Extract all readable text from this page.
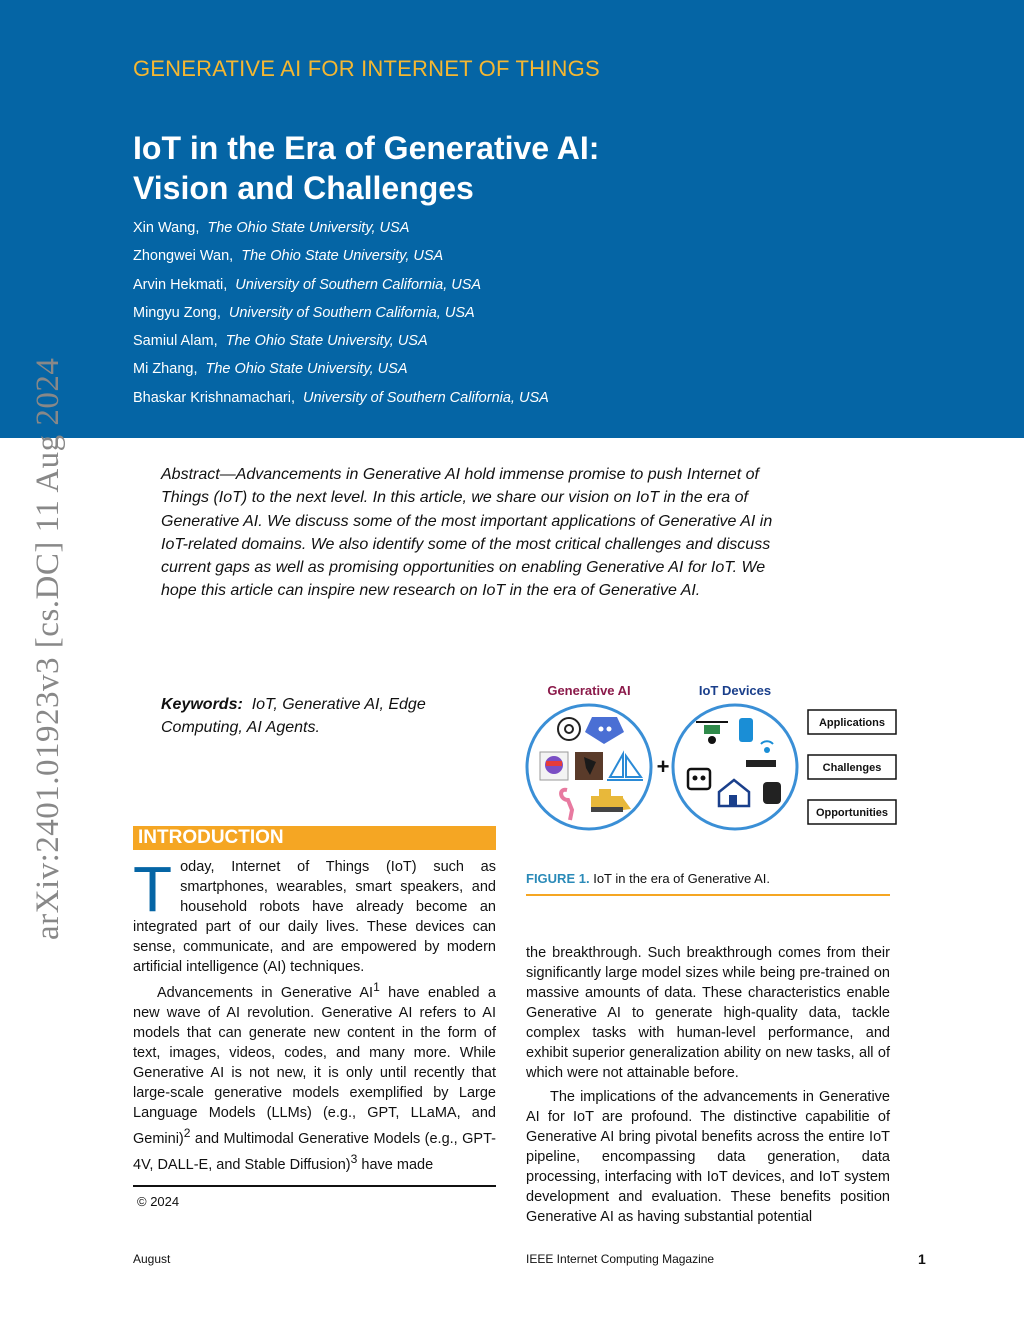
GENERATIVE AI FOR INTERNET OF THINGS
IoT in the Era of Generative AI:
Vision and Challenges
Xin Wang, The Ohio State University, USA
Zhongwei Wan, The Ohio State University, USA
Arvin Hekmati, University of Southern California, USA
Mingyu Zong, University of Southern California, USA
Samiul Alam, The Ohio State University, USA
Mi Zhang, The Ohio State University, USA
Bhaskar Krishnamachari, University of Southern California, USA
arXiv:2401.01923v3 [cs.DC] 11 Aug 2024	Abstract—Advancements in Generative AI hold immense promise to push Internet of Things (IoT) to the next level. In this article, we share our vision on IoT in the era of Generative AI. We discuss some of the most important applications of Generative AI in IoT-related domains. We also identify some of the most critical challenges and discuss current gaps as well as promising opportunities on enabling Generative AI for IoT. We hope this article can inspire new research on IoT in the era of Generative AI.
Keywords: IoT, Generative AI, Edge Computing, AI Agents.
INTRODUCTION

Today, Internet of Things (IoT) such as smartphones, wearables, smart speakers, and household robots have already become an integrated part of our daily lives. These devices can sense, communicate, and are empowered by modern artificial intelligence (AI) techniques.

Advancements in Generative $AI^1$ have enabled a new wave of AI revolution. Generative AI refers to AI models that can generate new content in the form of text, images, videos, codes, and many more. While Generative AI is not new, it is only until recently that large-scale generative models exemplified by Large Language Models (LLMs) (e.g., GPT, LLaMA, and Gemini)$^2$ and Multimodal Generative Models (e.g., GPT-4V, DALL-E, and Stable Diffusion)$^3$ have made

© 2024
Generative AI	IoT Devices
+
Applications
Challenges
Opportunities
FIGURE 1. IoT in the era of Generative AI.

the breakthrough. Such breakthrough comes from their significantly large model sizes while being pre-trained on massive amounts of data. These characteristics enable Generative AI to generate high-quality data, tackle complex tasks with human-level performance, and exhibit superior generalization ability on new tasks, all of which were not attainable before.

The implications of the advancements in Generative AI for IoT are profound. The distinctive capabilitie of Generative AI bring pivotal benefits across the entire IoT pipeline, encompassing data generation, data processing, interfacing with IoT devices, and IoT system development and evaluation. These benefits position Generative AI as having substantial potential

August	IEEE Internet Computing Magazine	1
